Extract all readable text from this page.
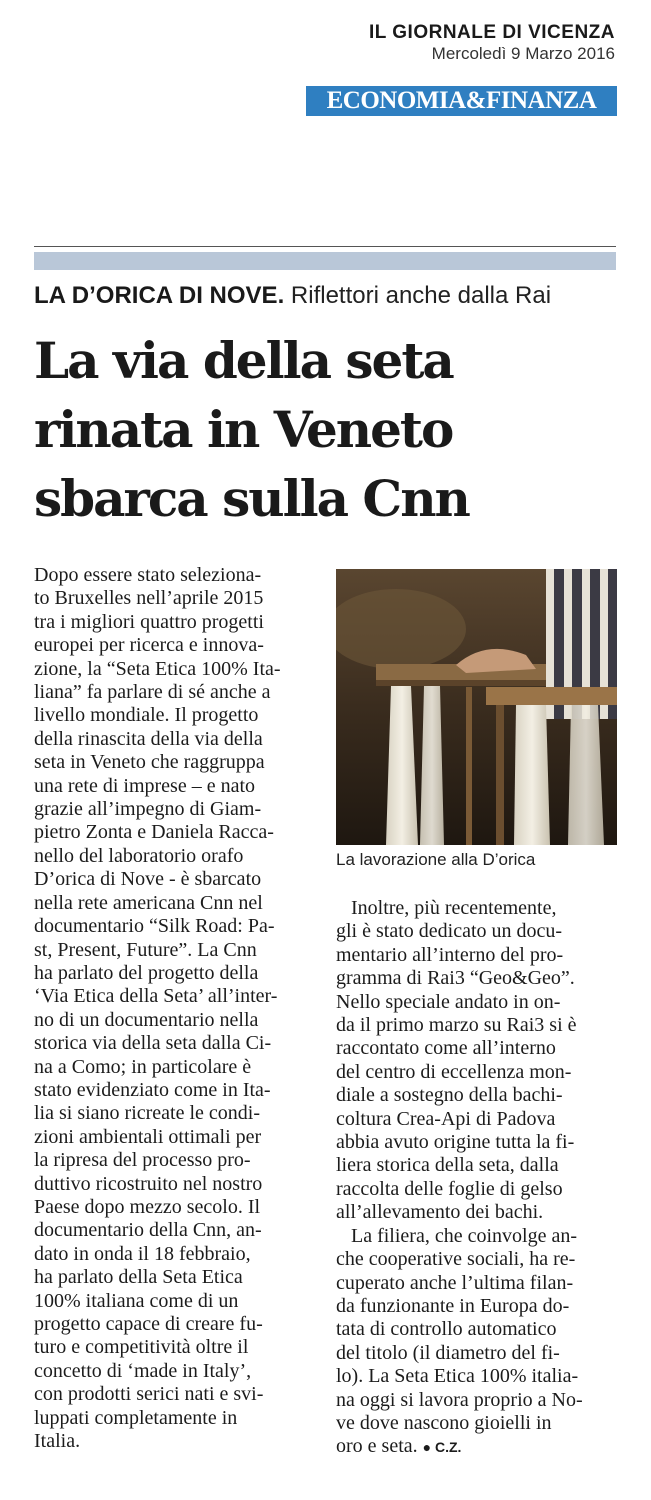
IL GIORNALE DI VICENZA
Mercoledì 9 Marzo 2016
ECONOMIA&FINANZA
LA D’ORICA DI NOVE. Riflettori anche dalla Rai
La via della seta
rinata in Veneto
sbarca sulla Cnn
Dopo essere stato seleziona-
to Bruxelles nell’aprile 2015
tra i migliori quattro progetti
europei per ricerca e innova-
zione, la “Seta Etica 100% Ita-
liana” fa parlare di sé anche a
livello mondiale. Il progetto
della rinascita della via della
seta in Veneto che raggruppa
una rete di imprese – e nato
grazie all’impegno di Giam-
pietro Zonta e Daniela Racca-
nello del laboratorio orafo
D’orica di Nove - è sbarcato
nella rete americana Cnn nel
documentario “Silk Road: Pa-
st, Present, Future”. La Cnn
ha parlato del progetto della
‘Via Etica della Seta’ all’inter-
no di un documentario nella
storica via della seta dalla Ci-
na a Como; in particolare è
stato evidenziato come in Ita-
lia si siano ricreate le condi-
zioni ambientali ottimali per
la ripresa del processo pro-
duttivo ricostruito nel nostro
Paese dopo mezzo secolo. Il
documentario della Cnn, an-
dato in onda il 18 febbraio,
ha parlato della Seta Etica
100% italiana come di un
progetto capace di creare fu-
turo e competitività oltre il
concetto di ‘made in Italy’,
con prodotti serici nati e svi-
luppati completamente in
Italia.
La lavorazione alla D’orica
Inoltre, più recentemente,
gli è stato dedicato un docu-
mentario all’interno del pro-
gramma di Rai3 “Geo&Geo”.
Nello speciale andato in on-
da il primo marzo su Rai3 si è
raccontato come all’interno
del centro di eccellenza mon-
diale a sostegno della bachi-
coltura Crea-Api di Padova
abbia avuto origine tutta la fi-
liera storica della seta, dalla
raccolta delle foglie di gelso
all’allevamento dei bachi.
La filiera, che coinvolge an-
che cooperative sociali, ha re-
cuperato anche l’ultima filan-
da funzionante in Europa do-
tata di controllo automatico
del titolo (il diametro del fi-
lo). La Seta Etica 100% italia-
na oggi si lavora proprio a No-
ve dove nascono gioielli in
oro e seta. ● C.Z.
